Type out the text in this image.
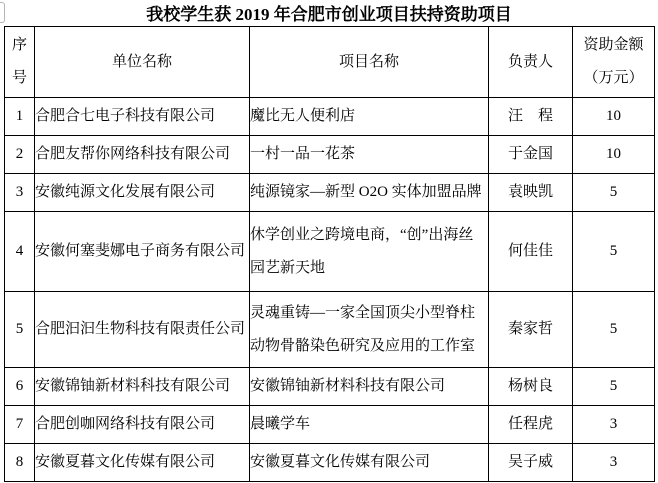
我校学生获 2019 年合肥市创业项目扶持资助项目
序
号	单位名称	项目名称	负责人	资助金额
（万元）

1	合肥合七电子科技有限公司	魔比无人便利店	汪　程	10
2	合肥友帮你网络科技有限公司	一村一品一花茶	于金国	10
3	安徽纯源文化发展有限公司	纯源镜家—新型 O2O 实体加盟品牌	袁映凯	5
4	安徽何塞斐娜电子商务有限公司	休学创业之跨境电商，“创”出海丝园艺新天地	何佳佳	5
5	合肥汩汩生物科技有限责任公司	灵魂重铸—一家全国顶尖小型脊柱动物骨骼染色研究及应用的工作室	秦家哲	5
6	安徽锦铀新材料科技有限公司	安徽锦铀新材料科技有限公司	杨树良	5
7	合肥创咖网络科技有限公司	晨曦学车	任程虎	3
8	安徽夏暮文化传媒有限公司	安徽夏暮文化传媒有限公司	吴子威	3
